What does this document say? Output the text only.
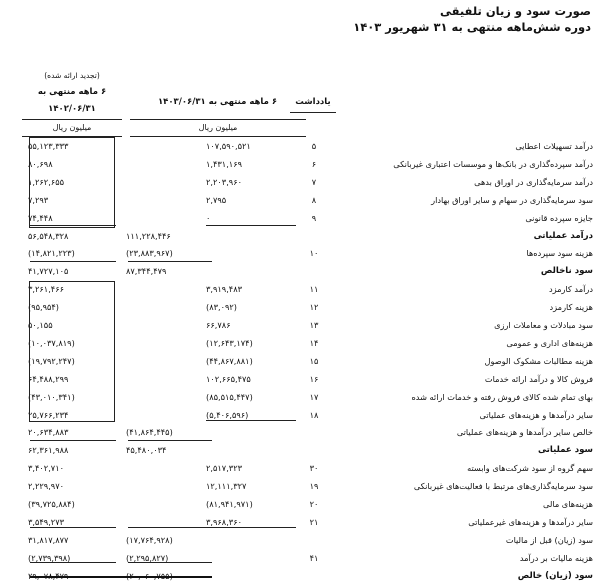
صورت سود و زیان تلفیقی
دوره شش‌ماهه منتهی به ۳۱ شهریور ۱۴۰۳
(تجدید ارائه شده)
۶ ماهه منتهی به
۱۴۰۲/۰۶/۳۱
۶ ماهه منتهی به ۱۴۰۳/۰۶/۳۱	یادداشت
میلیون ریال	میلیون ریال
درآمد تسهیلات اعطایی
۵
۱۰۷,۵۹۰,۵۲۱
۵۵,۱۲۳,۳۳۳
درآمد سپرده‌گذاری در بانک‌ها و موسسات اعتباری غیربانکی
۶
۱,۴۳۱,۱۶۹
۸۰,۶۹۸
درآمد سرمایه‌گذاری در اوراق بدهی
۷
۲,۲۰۳,۹۶۰
۱,۲۶۲,۶۵۵
سود سرمایه‌گذاری در سهام و سایر اوراق بهادار
۸
۲,۷۹۵
۷,۲۹۳
جایزه سپرده قانونی
۹
۰
۷۴,۴۴۸
درآمد عملیاتی
۱۱۱,۲۲۸,۴۴۶
۵۶,۵۴۸,۳۲۸
هزینه سود سپرده‌ها
۱۰
(۲۳,۸۸۳,۹۶۷)
(۱۴,۸۲۱,۲۲۳)
سود ناخالص
۸۷,۳۴۴,۴۷۹
۴۱,۷۲۷,۱۰۵
درآمد کارمزد
۱۱
۳,۹۱۹,۴۸۳
۳,۲۶۱,۴۶۶
هزینه کارمزد
۱۲
(۸۳,۰۹۲)
(۹۵,۹۵۴)
سود مبادلات و معاملات ارزی
۱۳
۶۶,۷۸۶
۵۰,۱۵۵
هزینه‌های اداری و عمومی
۱۴
(۱۲,۶۴۳,۱۷۴)
(۱۰,۰۳۷,۸۱۹)
هزینه مطالبات مشکوک الوصول
۱۵
(۴۴,۸۶۷,۸۸۱)
(۱۹,۷۹۲,۲۴۷)
فروش کالا و درآمد ارائه خدمات
۱۶
۱۰۲,۶۶۵,۴۷۵
۶۴,۴۸۸,۲۹۹
بهای تمام شده کالای فروش رفته و خدمات ارائه شده
۱۷
(۸۵,۵۱۵,۴۴۷)
(۴۳,۰۱۰,۳۴۱)
سایر درآمدها و هزینه‌های عملیاتی
۱۸
(۵,۴۰۶,۵۹۶)
۲۵,۷۶۶,۲۳۴
خالص سایر درآمدها و هزینه‌های عملیاتی
(۴۱,۸۶۴,۴۴۵)
۲۰,۶۳۴,۸۸۳
سود عملیاتی
۴۵,۴۸۰,۰۳۴
۶۲,۳۶۱,۹۸۸
سهم گروه از سود شرکت‌های وابسته
۳۰
۲,۵۱۷,۳۲۳
۳,۴۰۲,۷۱۰
سود سرمایه‌گذاری‌های مرتبط با فعالیت‌های غیربانکی
۱۹
۱۲,۱۱۱,۳۲۷
۲,۲۲۹,۹۷۰
هزینه‌های مالی
۲۰
(۸۱,۹۴۱,۹۷۱)
(۳۹,۷۲۵,۸۸۴)
سایر درآمدها و هزینه‌های غیرعملیاتی
۲۱
۳,۹۶۸,۳۶۰
۳,۵۴۹,۲۷۳
سود (زیان) قبل از مالیات
(۱۷,۷۶۴,۹۲۸)
۳۱,۸۱۷,۸۷۷
هزینه مالیات بر درآمد
۴۱
(۲,۲۹۵,۸۲۷)
(۲,۷۳۹,۳۹۸)
سود (زیان) خالص
(۲۰,۰۶۰,۷۵۵)
۲۹,۰۷۸,۴۷۹
